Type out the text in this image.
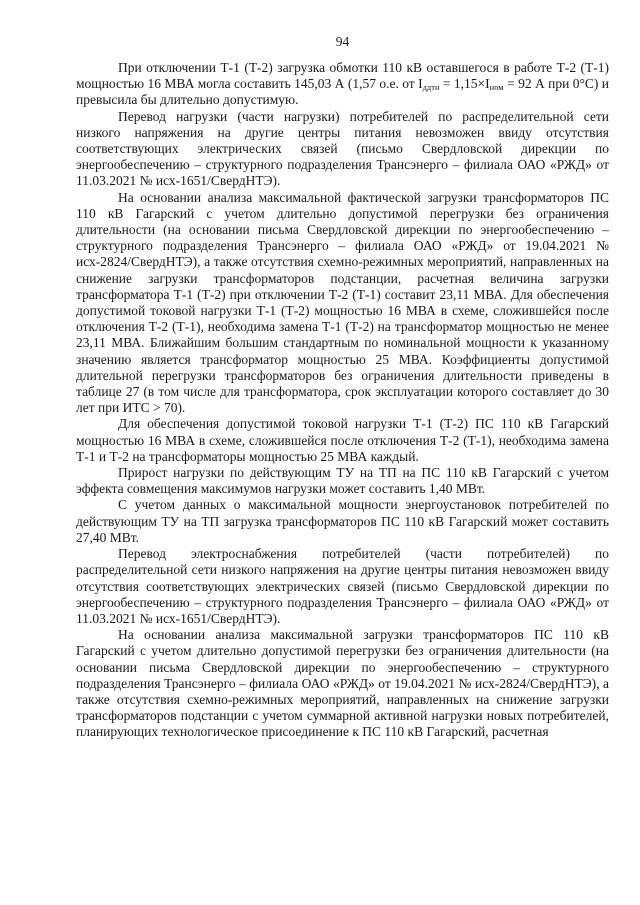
94

При отключении Т-1 (Т-2) загрузка обмотки 110 кВ оставшегося в работе Т-2 (Т-1) мощностью 16 МВА могла составить 145,03 А (1,57 о.е. от $I_{ддтн} = 1,15\times I_{ном} = 92$ А при 0°С) и превысила бы длительно допустимую.

Перевод нагрузки (части нагрузки) потребителей по распределительной сети низкого напряжения на другие центры питания невозможен ввиду отсутствия соответствующих электрических связей (письмо Свердловской дирекции по энергообеспечению – структурного подразделения Трансэнерго – филиала ОАО «РЖД» от 11.03.2021 № исх-1651/СвердНТЭ).

На основании анализа максимальной фактической загрузки трансформаторов ПС 110 кВ Гагарский с учетом длительно допустимой перегрузки без ограничения длительности (на основании письма Свердловской дирекции по энергообеспечению – структурного подразделения Трансэнерго – филиала ОАО «РЖД» от 19.04.2021 № исх-2824/СвердНТЭ), а также отсутствия схемно-режимных мероприятий, направленных на снижение загрузки трансформаторов подстанции, расчетная величина загрузки трансформатора Т-1 (Т-2) при отключении Т-2 (Т-1) составит 23,11 МВА. Для обеспечения допустимой токовой нагрузки Т-1 (Т-2) мощностью 16 МВА в схеме, сложившейся после отключения Т-2 (Т-1), необходима замена Т-1 (Т-2) на трансформатор мощностью не менее 23,11 МВА. Ближайшим большим стандартным по номинальной мощности к указанному значению является трансформатор мощностью 25 МВА. Коэффициенты допустимой длительной перегрузки трансформаторов без ограничения длительности приведены в таблице 27 (в том числе для трансформатора, срок эксплуатации которого составляет до 30 лет при ИТС > 70).

Для обеспечения допустимой токовой нагрузки Т-1 (Т-2) ПС 110 кВ Гагарский мощностью 16 МВА в схеме, сложившейся после отключения Т-2 (Т-1), необходима замена Т-1 и Т-2 на трансформаторы мощностью 25 МВА каждый.

Прирост нагрузки по действующим ТУ на ТП на ПС 110 кВ Гагарский с учетом эффекта совмещения максимумов нагрузки может составить 1,40 МВт.

С учетом данных о максимальной мощности энергоустановок потребителей по действующим ТУ на ТП загрузка трансформаторов ПС 110 кВ Гагарский может составить 27,40 МВт.

Перевод электроснабжения потребителей (части потребителей) по распределительной сети низкого напряжения на другие центры питания невозможен ввиду отсутствия соответствующих электрических связей (письмо Свердловской дирекции по энергообеспечению – структурного подразделения Трансэнерго – филиала ОАО «РЖД» от 11.03.2021 № исх-1651/СвердНТЭ).

На основании анализа максимальной загрузки трансформаторов ПС 110 кВ Гагарский с учетом длительно допустимой перегрузки без ограничения длительности (на основании письма Свердловской дирекции по энергообеспечению – структурного подразделения Трансэнерго – филиала ОАО «РЖД» от 19.04.2021 № исх-2824/СвердНТЭ), а также отсутствия схемно-режимных мероприятий, направленных на снижение загрузки трансформаторов подстанции с учетом суммарной активной нагрузки новых потребителей, планирующих технологическое присоединение к ПС 110 кВ Гагарский, расчетная
